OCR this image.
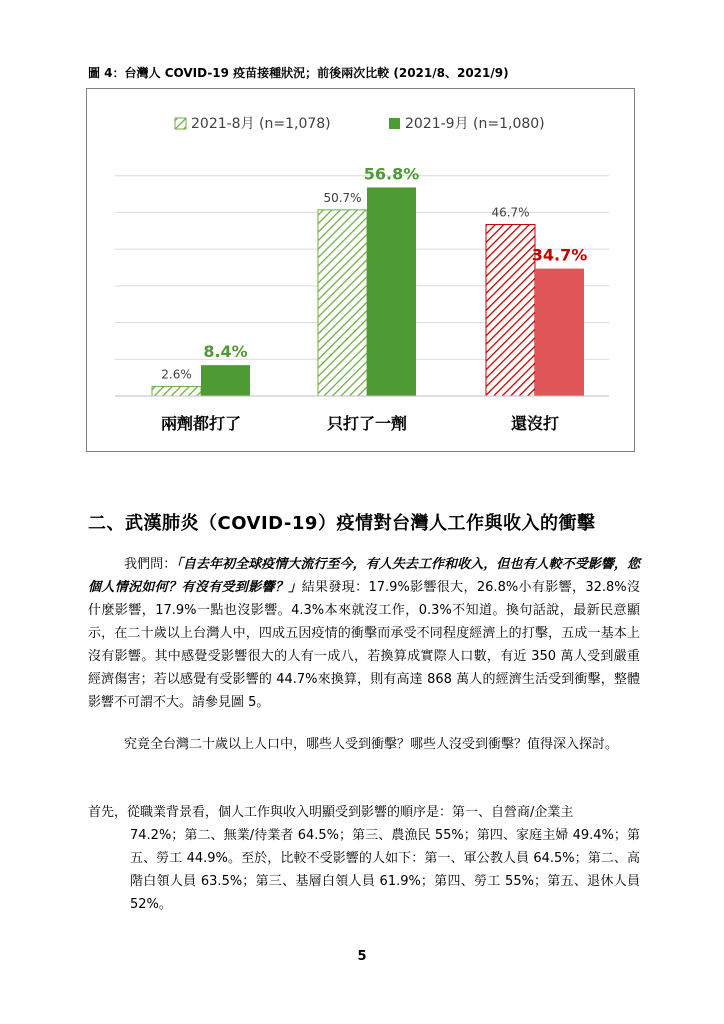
圖 4：台灣人 COVID-19 疫苗接種狀況；前後兩次比較 (2021/8、2021/9)
2021-8月 (n=1,078)	2021-9月 (n=1,080)
2.6%
8.4%
50.7%
56.8%
46.7%
34.7%
兩劑都打了	只打了一劑	還沒打
二、武漢肺炎（COVID-19）疫情對台灣人工作與收入的衝擊

我們問：「自去年初全球疫情大流行至今，有人失去工作和收入，但也有人較不受影響，您個人情況如何？有沒有受到影響？」結果發現：17.9%影響很大，26.8%小有影響，32.8%沒什麼影響，17.9%一點也沒影響。4.3%本來就沒工作，0.3%不知道。換句話說，最新民意顯示，在二十歲以上台灣人中，四成五因疫情的衝擊而承受不同程度經濟上的打擊，五成一基本上沒有影響。其中感覺受影響很大的人有一成八，若換算成實際人口數，有近 350 萬人受到嚴重經濟傷害；若以感覺有受影響的 44.7%來換算，則有高達 868 萬人的經濟生活受到衝擊，整體影響不可謂不大。請參見圖 5。

究竟全台灣二十歲以上人口中，哪些人受到衝擊？哪些人沒受到衝擊？值得深入探討。

首先，從職業背景看，個人工作與收入明顯受到影響的順序是：第一、自營商/企業主
74.2%；第二、無業/待業者 64.5%；第三、農漁民 55%；第四、家庭主婦 49.4%；第五、勞工 44.9%。至於，比較不受影響的人如下：第一、軍公教人員 64.5%；第二、高階白領人員 63.5%；第三、基層白領人員 61.9%；第四、勞工 55%；第五、退休人員 52%。
5
